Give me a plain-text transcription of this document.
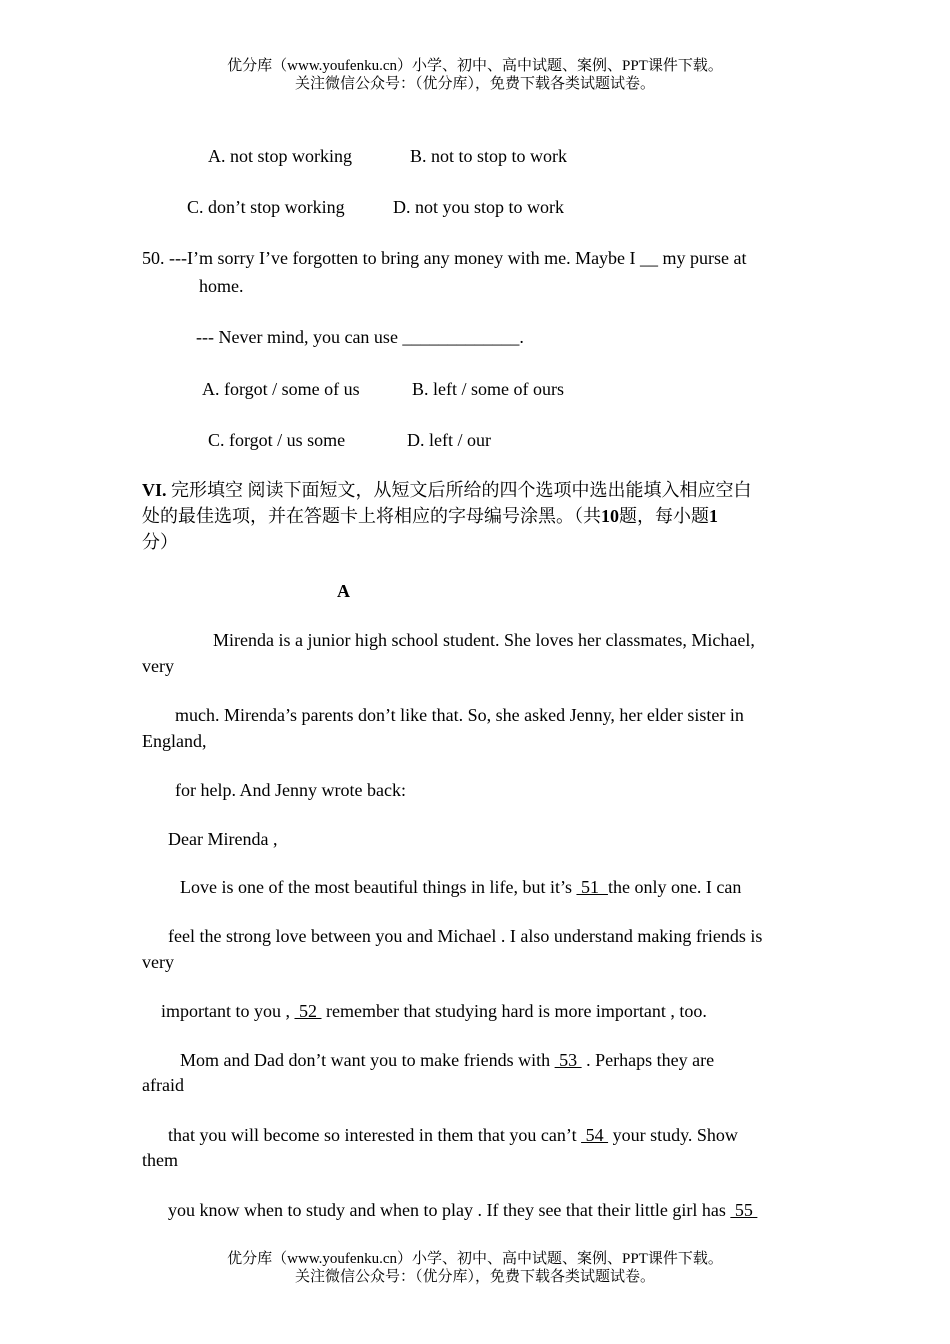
优分库（www.youfenku.cn）小学、初中、高中试题、案例、PPT课件下载。
关注微信公众号：（优分库），免费下载各类试题试卷。
A. not stop working	B. not to stop to work
C. don’t stop working	D. not you stop to work
50. ---I’m sorry I’ve forgotten to bring any money with me. Maybe I __ my purse at
home.
--- Never mind, you can use _____________.
A. forgot / some of us	B. left / some of ours
C. forgot / us some	D. left / our
VI. 完形填空 阅读下面短文，从短文后所给的四个选项中选出能填入相应空白
处的最佳选项，并在答题卡上将相应的字母编号涂黑。（共10题，每小题1
分）
A
Mirenda is a junior high school student. She loves her classmates, Michael,
very
much. Mirenda’s parents don’t like that. So, she asked Jenny, her elder sister in
England,
for help. And Jenny wrote back:
Dear Mirenda ,
Love is one of the most beautiful things in life, but it’s  51  the only one. I can
feel the strong love between you and Michael . I also understand making friends is
very
important to you ,  52  remember that studying hard is more important , too.
Mom and Dad don’t want you to make friends with  53  . Perhaps they are
afraid
that you will become so interested in them that you can’t  54  your study. Show
them
you know when to study and when to play . If they see that their little girl has  55
优分库（www.youfenku.cn）小学、初中、高中试题、案例、PPT课件下载。
关注微信公众号：（优分库），免费下载各类试题试卷。
